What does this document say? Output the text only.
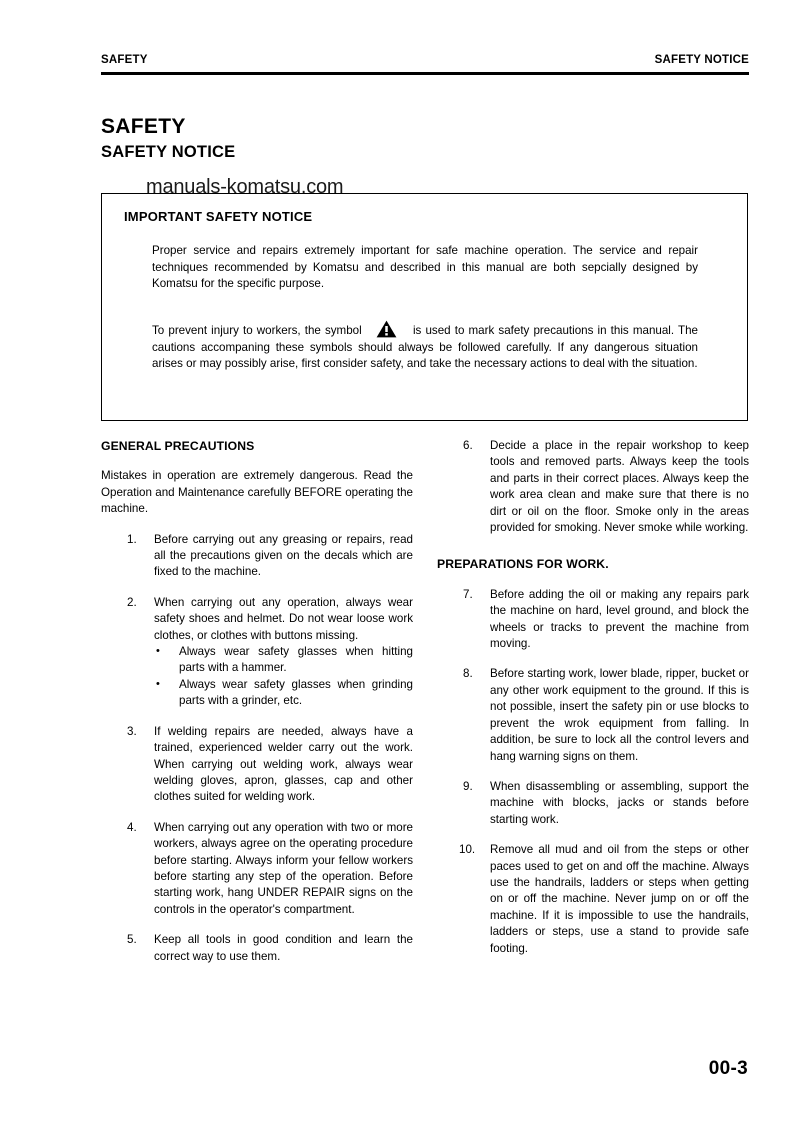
SAFETY	SAFETY NOTICE
SAFETY
SAFETY NOTICE
IMPORTANT SAFETY NOTICE
Proper service and repairs extremely important for safe machine operation. The service and repair techniques recommended by Komatsu and described in this manual are both sepcially designed by Komatsu for the specific purpose.
To prevent injury to workers, the symbol	is used to mark safety precautions in this manual. The cautions accompaning these symbols should always be followed carefully. If any dangerous situation arises or may possibly arise, first consider safety, and take the necessary actions to deal with the situation.
manuals-komatsu.com
GENERAL PRECAUTIONS

Mistakes in operation are extremely dangerous. Read the Operation and Maintenance carefully BEFORE operating the machine.

1.	Before carrying out any greasing or repairs, read all the precautions given on the decals which are fixed to the machine.
2.	When carrying out any operation, always wear safety shoes and helmet. Do not wear loose work clothes, or clothes with buttons missing.
• Always wear safety glasses when hitting parts with a hammer.
• Always wear safety glasses when grinding parts with a grinder, etc.
3.	If welding repairs are needed, always have a trained, experienced welder carry out the work. When carrying out welding work, always wear welding gloves, apron, glasses, cap and other clothes suited for welding work.
4.	When carrying out any operation with two or more workers, always agree on the operating procedure before starting. Always inform your fellow workers before starting any step of the operation. Before starting work, hang UNDER REPAIR signs on the controls in the operator's compartment.
5.	Keep all tools in good condition and learn the correct way to use them.
6.	Decide a place in the repair workshop to keep tools and removed parts. Always keep the tools and parts in their correct places. Always keep the work area clean and make sure that there is no dirt or oil on the floor. Smoke only in the areas provided for smoking. Never smoke while working.
PREPARATIONS FOR WORK.
7.	Before adding the oil or making any repairs park the machine on hard, level ground, and block the wheels or tracks to prevent the machine from moving.
8.	Before starting work, lower blade, ripper, bucket or any other work equipment to the ground. If this is not possible, insert the safety pin or use blocks to prevent the wrok equipment from falling. In addition, be sure to lock all the control levers and hang warning signs on them.
9.	When disassembling or assembling, support the machine with blocks, jacks or stands before starting work.
10.	Remove all mud and oil from the steps or other paces used to get on and off the machine. Always use the handrails, ladders or steps when getting on or off the machine. Never jump on or off the machine. If it is impossible to use the handrails, ladders or steps, use a stand to provide safe footing.
00-3
